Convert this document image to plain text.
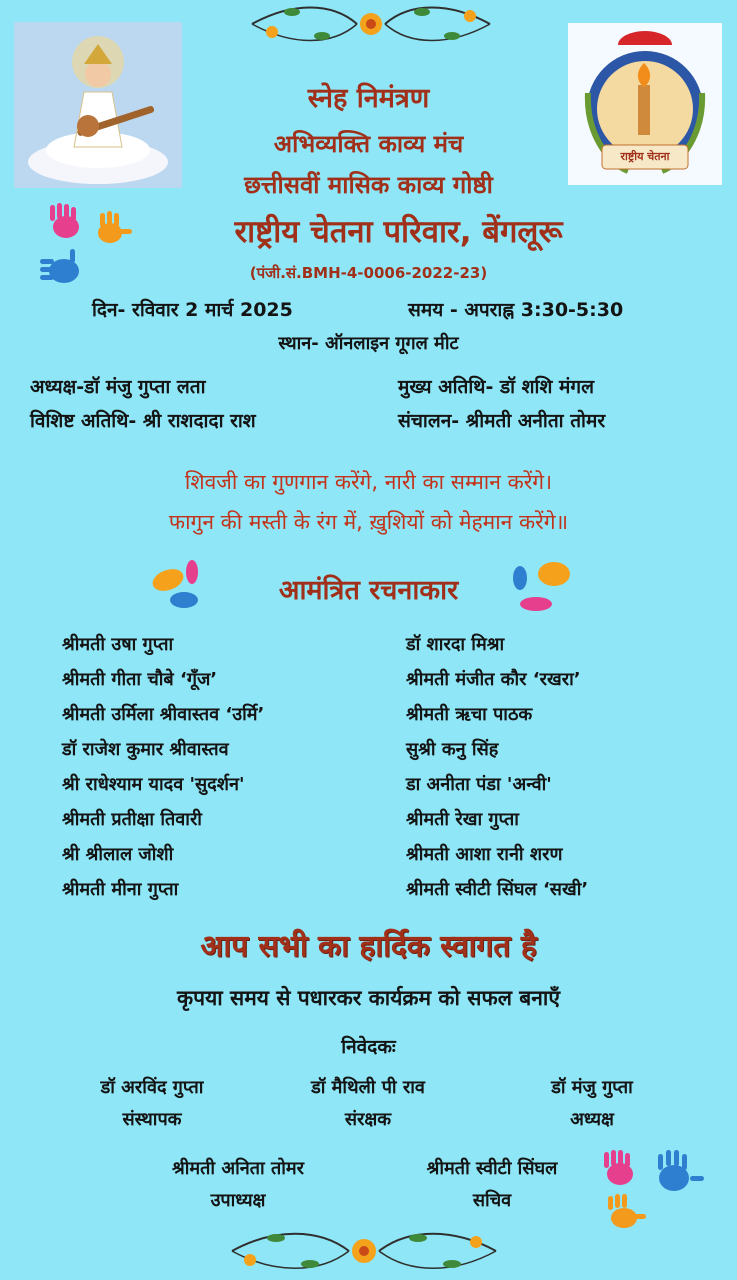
राष्ट्रीय चेतना
स्नेह निमंत्रण
अभिव्यक्ति काव्य मंच
छत्तीसवीं मासिक काव्य गोष्ठी
राष्ट्रीय चेतना परिवार, बेंगलूरू
(पंजी.सं.BMH-4-0006-2022-23)
दिन- रविवार 2 मार्च 2025	समय - अपराह्न 3:30-5:30
स्थान- ऑनलाइन गूगल मीट
अध्यक्ष-डॉ मंजु गुप्ता लता	मुख्य अतिथि- डॉ शशि मंगल
विशिष्ट अतिथि- श्री राशदादा राश	संचालन- श्रीमती अनीता तोमर
शिवजी का गुणगान करेंगे, नारी का सम्मान करेंगे।
फागुन की मस्ती के रंग में, ख़ुशियों को मेहमान करेंगे॥
आमंत्रित रचनाकार
श्रीमती उषा गुप्ता
श्रीमती गीता चौबे ‘गूँज’
श्रीमती उर्मिला श्रीवास्तव ‘उर्मि’
डॉ राजेश कुमार श्रीवास्तव
श्री राधेश्याम यादव 'सुदर्शन'
श्रीमती प्रतीक्षा तिवारी
श्री श्रीलाल जोशी
श्रीमती मीना गुप्ता
डॉ शारदा मिश्रा
श्रीमती मंजीत कौर ‘रखरा’
श्रीमती ऋचा पाठक
सुश्री कनु सिंह
डा अनीता पंडा 'अन्वी'
श्रीमती रेखा गुप्ता
श्रीमती आशा रानी शरण
श्रीमती स्वीटी सिंघल ‘सखी’
आप सभी का हार्दिक स्वागत है
कृपया समय से पधारकर कार्यक्रम को सफल बनाएँ
निवेदकः
डॉ अरविंद गुप्ता
संस्थापक
डॉ मैथिली पी राव
संरक्षक
डॉ मंजु गुप्ता
अध्यक्ष
श्रीमती अनिता तोमर
उपाध्यक्ष
श्रीमती स्वीटी सिंघल
सचिव
